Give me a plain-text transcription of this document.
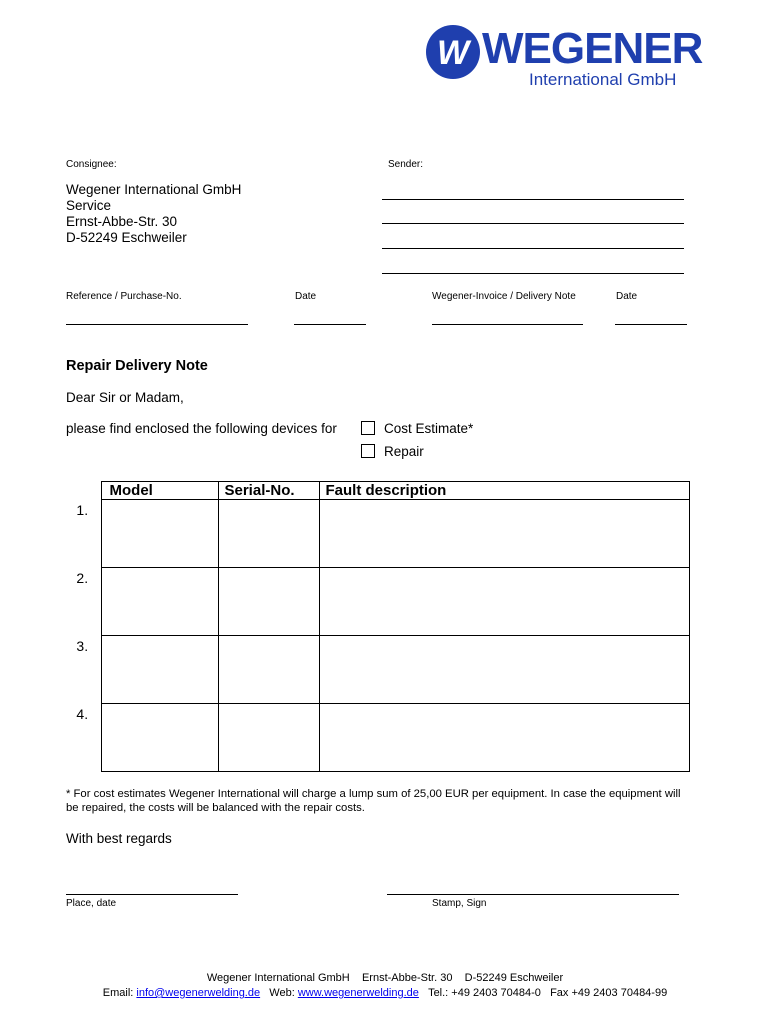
W WEGENER
International GmbH
Consignee:	Sender:
Wegener International GmbH
Service
Ernst-Abbe-Str. 30
D-52249 Eschweiler
Reference / Purchase-No.	Date	Wegener-Invoice / Delivery Note	Date
Repair Delivery Note
Dear Sir or Madam,
please find enclosed the following devices for	Cost Estimate*
Repair
	Model	Serial-No.	Fault description
1.			
2.			
3.			
4.			
* For cost estimates Wegener International will charge a lump sum of 25,00 EUR per equipment. In case the equipment will be repaired, the costs will be balanced with the repair costs.
With best regards
Place, date	Stamp, Sign
Wegener International GmbH    Ernst-Abbe-Str. 30    D-52249 Eschweiler
Email: info@wegenerwelding.de Web: www.wegenerwelding.de Tel.: +49 2403 70484-0 Fax +49 2403 70484-99
